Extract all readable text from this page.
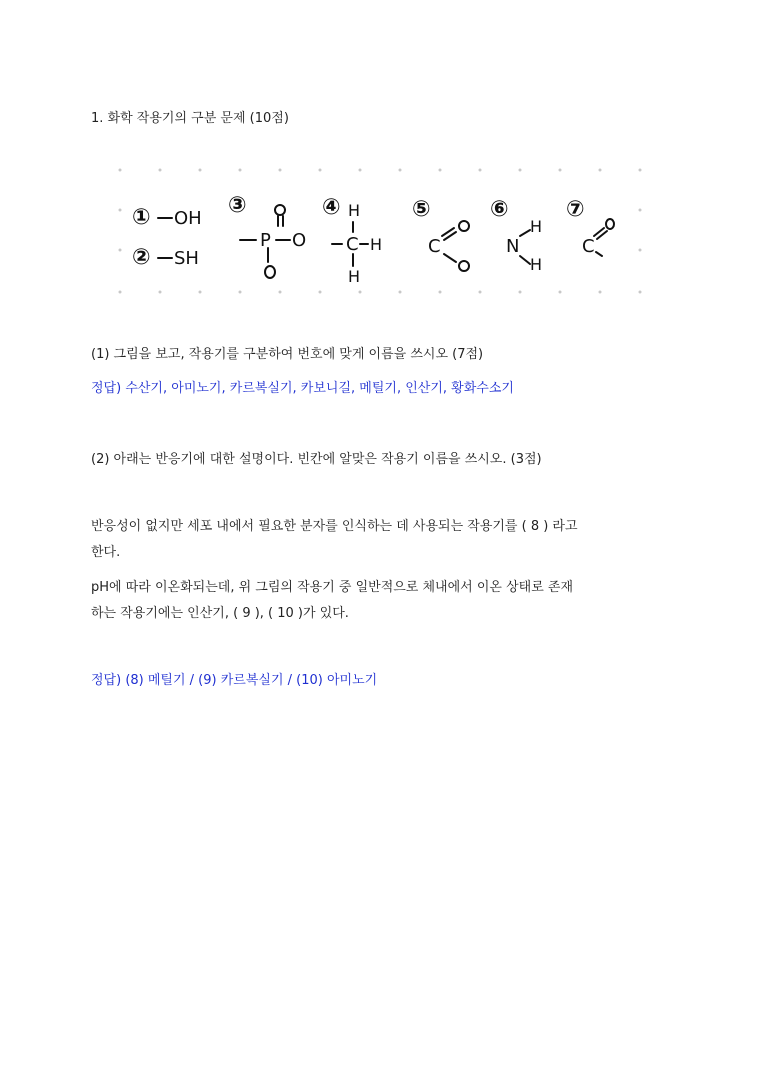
1. 화학 작용기의 구분 문제 (10점)
① OH
② SH
③
P O
④ H
C H
H
⑤
C
⑥
N
H
H
⑦
C
(1) 그림을 보고, 작용기를 구분하여 번호에 맞게 이름을 쓰시오 (7점)
정답) 수산기, 아미노기, 카르복실기, 카보니길, 메틸기, 인산기, 황화수소기
(2) 아래는 반응기에 대한 설명이다. 빈칸에 알맞은 작용기 이름을 쓰시오. (3점)
반응성이 없지만 세포 내에서 필요한 분자를 인식하는 데 사용되는 작용기를 ( 8 ) 라고
한다.
pH에 따라 이온화되는데, 위 그림의 작용기 중 일반적으로 체내에서 이온 상태로 존재
하는 작용기에는 인산기, ( 9 ), ( 10 )가 있다.
정답) (8) 메틸기 / (9) 카르복실기 / (10) 아미노기
